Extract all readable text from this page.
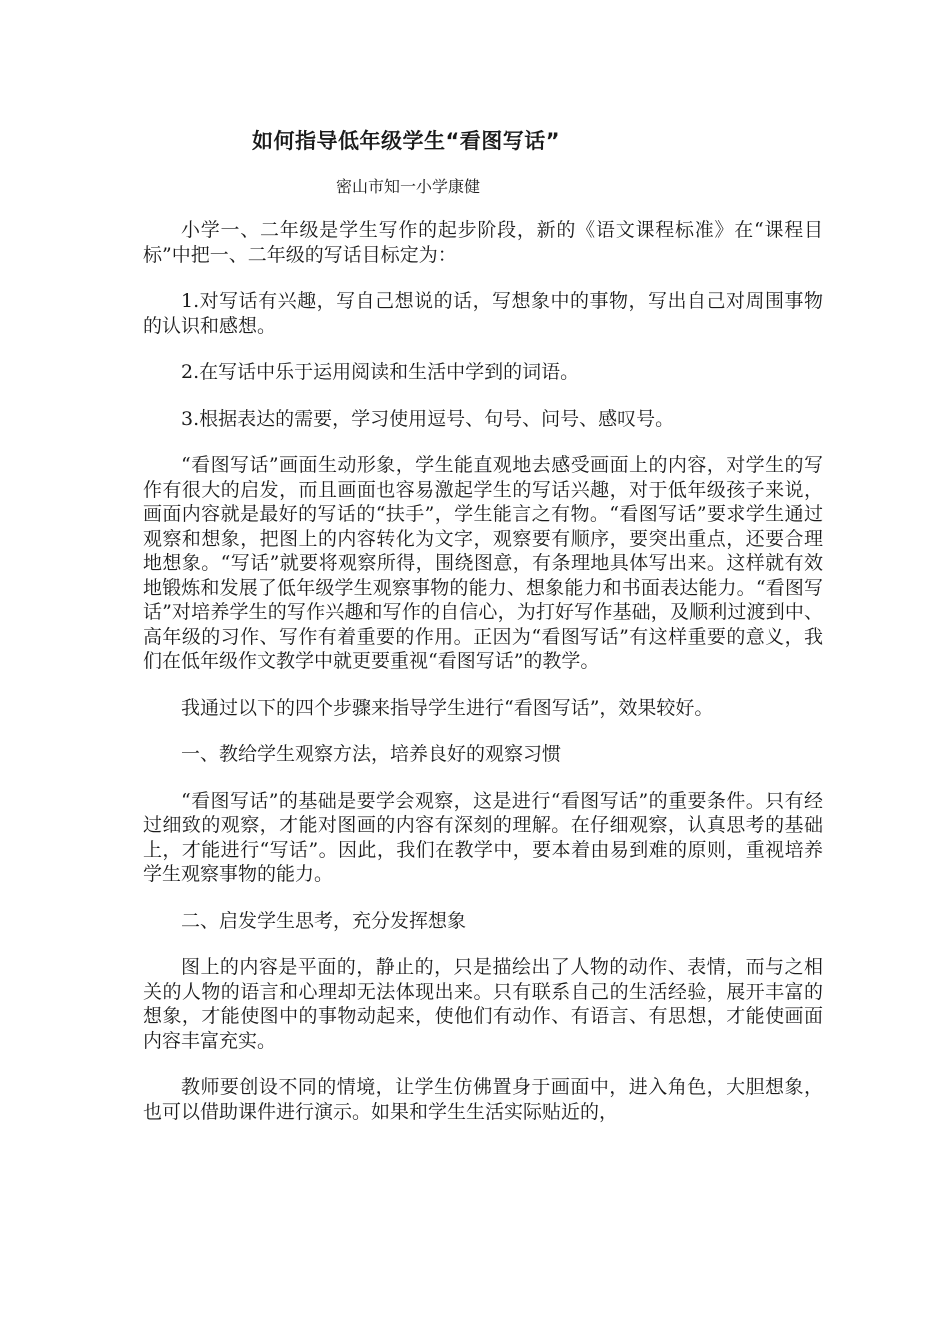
如何指导低年级学生“看图写话”

密山市知一小学康健

小学一、二年级是学生写作的起步阶段，新的《语文课程标准》在“课程目标”中把一、二年级的写话目标定为：

1.对写话有兴趣，写自己想说的话，写想象中的事物，写出自己对周围事物的认识和感想。

2.在写话中乐于运用阅读和生活中学到的词语。

3.根据表达的需要，学习使用逗号、句号、问号、感叹号。

“看图写话”画面生动形象，学生能直观地去感受画面上的内容，对学生的写作有很大的启发，而且画面也容易激起学生的写话兴趣，对于低年级孩子来说，画面内容就是最好的写话的“扶手”，学生能言之有物。“看图写话”要求学生通过观察和想象，把图上的内容转化为文字，观察要有顺序，要突出重点，还要合理地想象。“写话”就要将观察所得，围绕图意，有条理地具体写出来。这样就有效地锻炼和发展了低年级学生观察事物的能力、想象能力和书面表达能力。“看图写话”对培养学生的写作兴趣和写作的自信心，为打好写作基础，及顺利过渡到中、高年级的习作、写作有着重要的作用。正因为“看图写话”有这样重要的意义，我们在低年级作文教学中就更要重视“看图写话”的教学。

我通过以下的四个步骤来指导学生进行“看图写话”，效果较好。

一、教给学生观察方法，培养良好的观察习惯

“看图写话”的基础是要学会观察，这是进行“看图写话”的重要条件。只有经过细致的观察，才能对图画的内容有深刻的理解。在仔细观察，认真思考的基础上，才能进行“写话”。因此，我们在教学中，要本着由易到难的原则，重视培养学生观察事物的能力。

二、启发学生思考，充分发挥想象

图上的内容是平面的，静止的，只是描绘出了人物的动作、表情，而与之相关的人物的语言和心理却无法体现出来。只有联系自己的生活经验，展开丰富的想象，才能使图中的事物动起来，使他们有动作、有语言、有思想，才能使画面内容丰富充实。

教师要创设不同的情境，让学生仿佛置身于画面中，进入角色，大胆想象，也可以借助课件进行演示。如果和学生生活实际贴近的，
